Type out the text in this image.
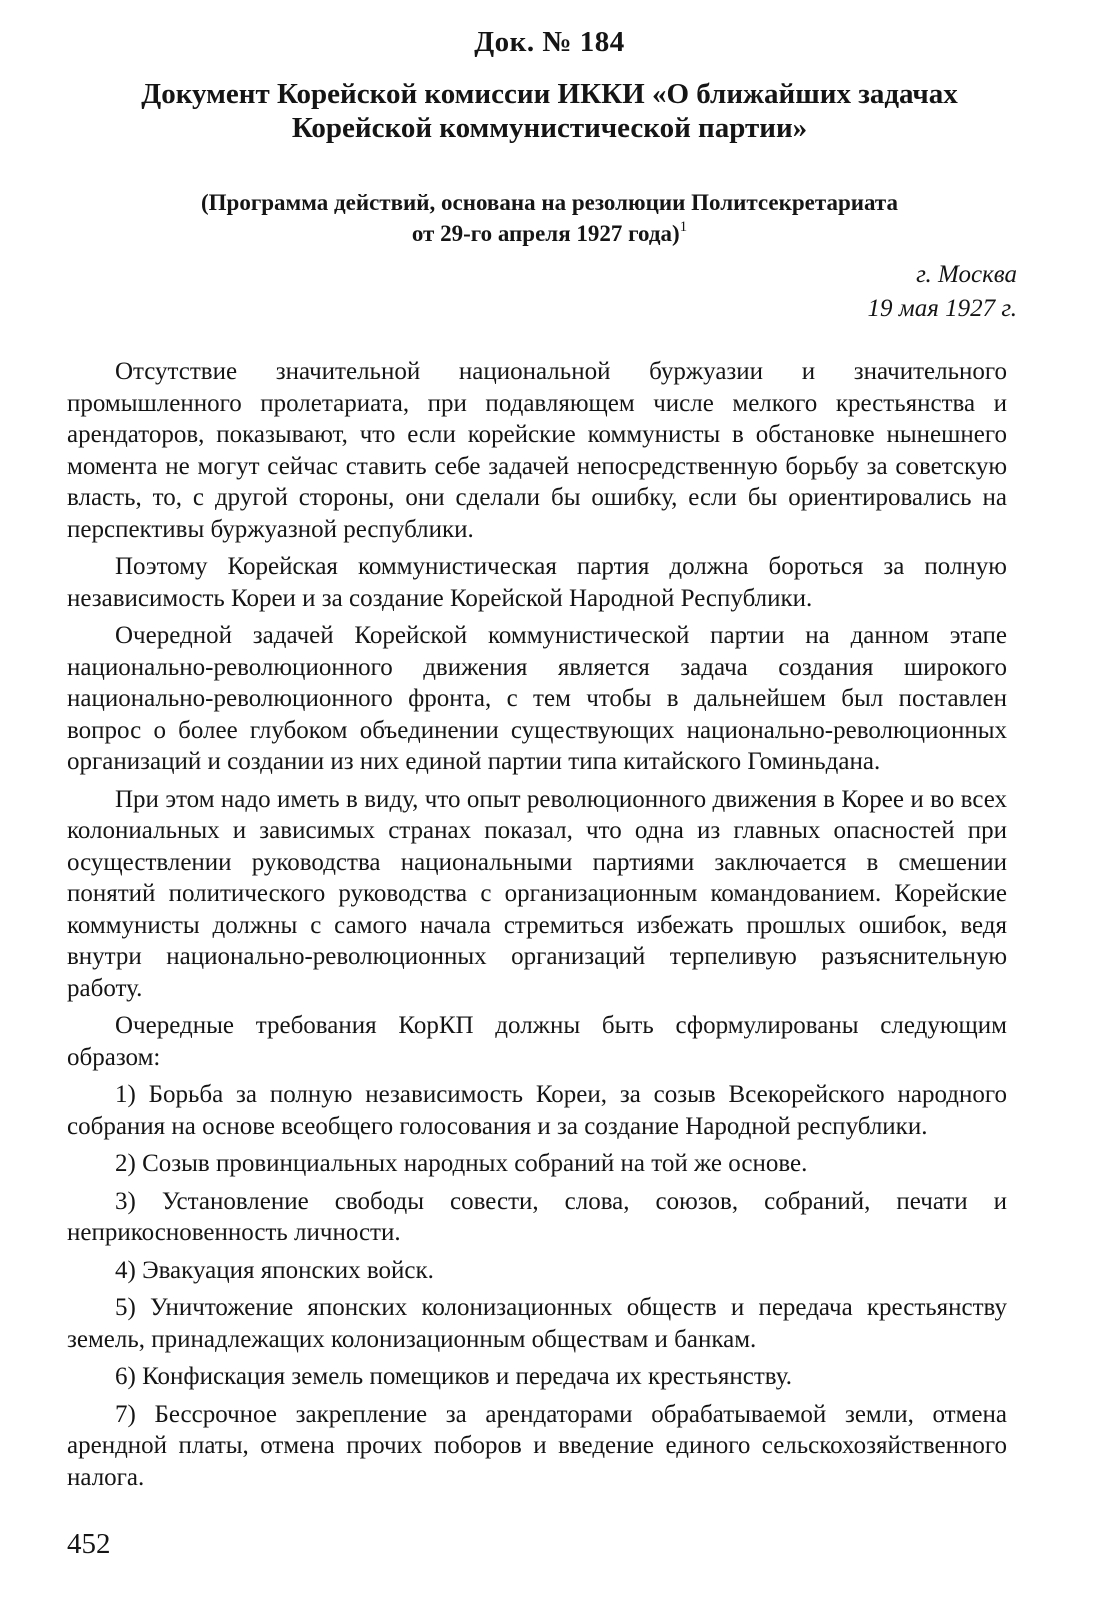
Док. № 184
Документ Корейской комиссии ИККИ «О ближайших задачах
Корейской коммунистической партии»
(Программа действий, основана на резолюции Политсекретариата
от 29-го апреля 1927 года)$^1$
г. Москва
19 мая 1927 г.

Отсутствие значительной национальной буржуазии и значительного промышленного пролетариата, при подавляющем числе мелкого крестьянства и арендаторов, показывают, что если корейские коммунисты в обстановке нынешнего момента не могут сейчас ставить себе задачей непосредственную борьбу за советскую власть, то, с другой стороны, они сделали бы ошибку, если бы ориентировались на перспективы буржуазной республики.

Поэтому Корейская коммунистическая партия должна бороться за полную независимость Кореи и за создание Корейской Народной Республики.

Очередной задачей Корейской коммунистической партии на данном этапе национально-революционного движения является задача создания широкого национально-революционного фронта, с тем чтобы в дальнейшем был поставлен вопрос о более глубоком объединении существующих национально-революционных организаций и создании из них единой партии типа китайского Гоминьдана.

При этом надо иметь в виду, что опыт революционного движения в Корее и во всех колониальных и зависимых странах показал, что одна из главных опасностей при осуществлении руководства национальными партиями заключается в смешении понятий политического руководства с организационным командованием. Корейские коммунисты должны с самого начала стремиться избежать прошлых ошибок, ведя внутри национально-революционных организаций терпеливую разъяснительную работу.

Очередные требования КорКП должны быть сформулированы следующим образом:

1) Борьба за полную независимость Кореи, за созыв Всекорейского народного собрания на основе всеобщего голосования и за создание Народной республики.

2) Созыв провинциальных народных собраний на той же основе.

3) Установление свободы совести, слова, союзов, собраний, печати и неприкосновенность личности.

4) Эвакуация японских войск.

5) Уничтожение японских колонизационных обществ и передача крестьянству земель, принадлежащих колонизационным обществам и банкам.

6) Конфискация земель помещиков и передача их крестьянству.

7) Бессрочное закрепление за арендаторами обрабатываемой земли, отмена арендной платы, отмена прочих поборов и введение единого сельскохозяйственного налога.

452
